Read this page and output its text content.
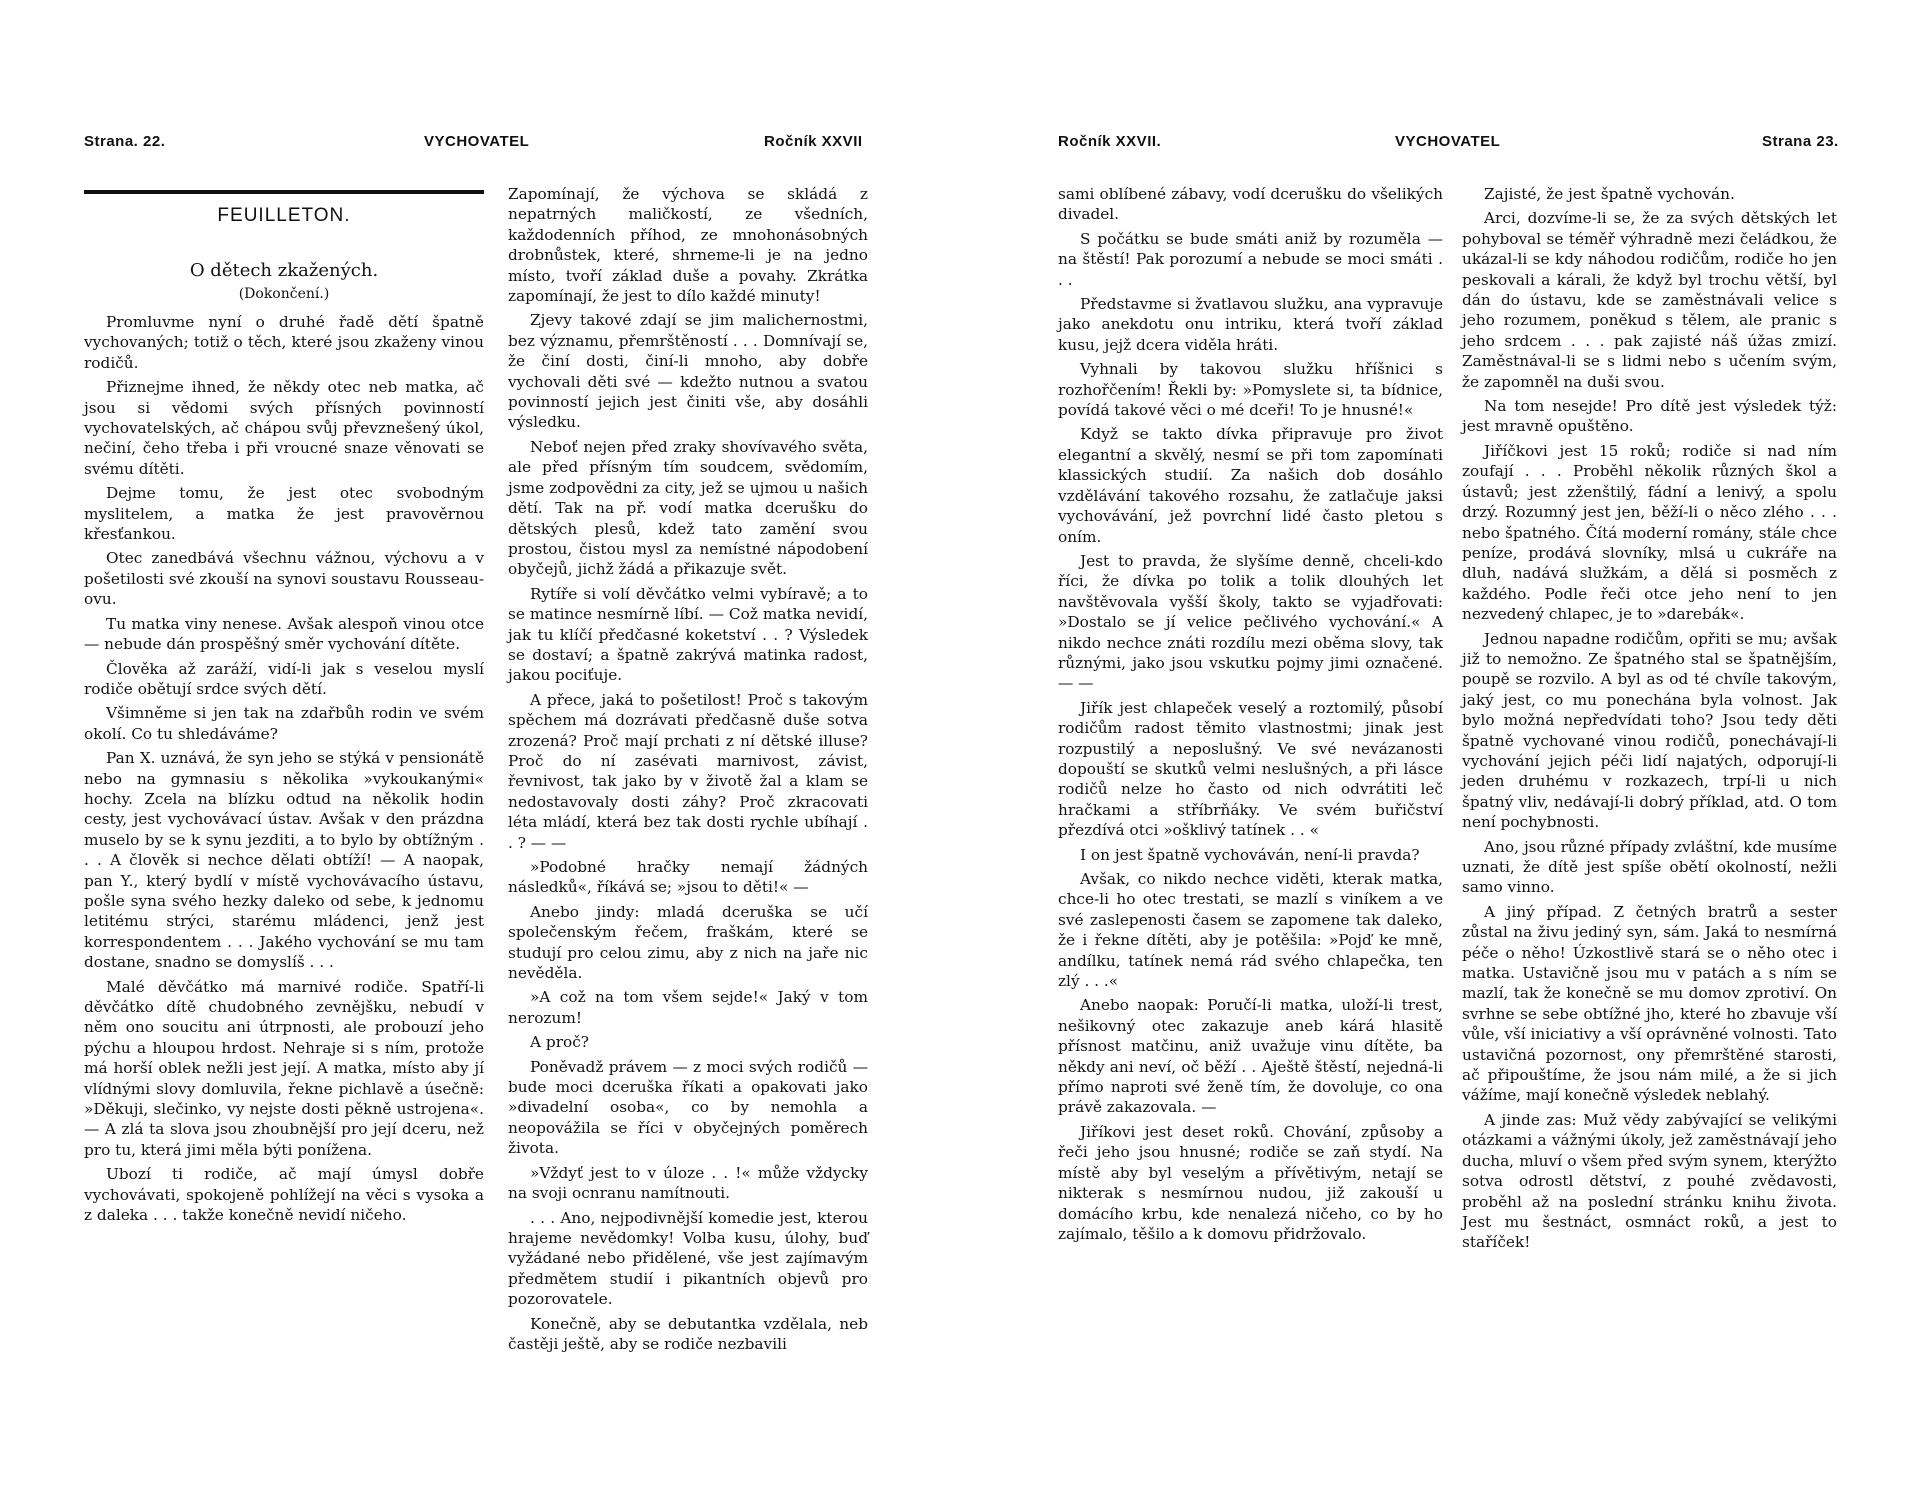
Strana. 22.	VYCHOVATEL	Ročník XXVII
FEUILLETON.
O dětech zkažených.
(Dokončení.)

Promluvme nyní o druhé řadě dětí špatně vychovaných; totiž o těch, které jsou zkaženy vinou rodičů.

Přiznejme ihned, že někdy otec neb matka, ač jsou si vědomi svých přísných povinností vychovatelských, ač chápou svůj převznešený úkol, nečiní, čeho třeba i při vroucné snaze věnovati se svému dítěti.

Dejme tomu, že jest otec svobodným myslitelem, a matka že jest pravověrnou křesťankou.

Otec zanedbává všechnu vážnou, výchovu a v pošetilosti své zkouší na synovi soustavu Rousseau-ovu.

Tu matka viny nenese. Avšak alespoň vinou otce — nebude dán prospěšný směr vychování dítěte.

Člověka až zaráží, vidí-li jak s veselou myslí rodiče obětují srdce svých dětí.

Všimněme si jen tak na zdařbůh rodin ve svém okolí. Co tu shledáváme?

Pan X. uznává, že syn jeho se stýká v pensionátě nebo na gymnasiu s několika »vykoukanými« hochy. Zcela na blízku odtud na několik hodin cesty, jest vychovávací ústav. Avšak v den prázdna muselo by se k synu jezditi, a to bylo by obtížným . . . A člověk si nechce dělati obtíží! — A naopak, pan Y., který bydlí v místě vychovávacího ústavu, pošle syna svého hezky daleko od sebe, k jednomu letitému strýci, starému mládenci, jenž jest korrespondentem . . . Jakého vychování se mu tam dostane, snadno se domyslíš . . .

Malé děvčátko má marnivé rodiče. Spatří-li děvčátko dítě chudobného zevnějšku, nebudí v něm ono soucitu ani útrpnosti, ale probouzí jeho pýchu a hloupou hrdost. Nehraje si s ním, protože má horší oblek nežli jest její. A matka, místo aby jí vlídnými slovy domluvila, řekne pichlavě a úsečně: »Děkuji, slečinko, vy nejste dosti pěkně ustrojena«. — A zlá ta slova jsou zhoubnější pro její dceru, než pro tu, která jimi měla býti ponížena.

Ubozí ti rodiče, ač mají úmysl dobře vychovávati, spokojeně pohlížejí na věci s vysoka a z daleka . . . takže konečně nevidí ničeho.

Zapomínají, že výchova se skládá z nepatrných maličkostí, ze všedních, každodenních příhod, ze mnohonásobných drobnůstek, které, shrneme-li je na jedno místo, tvoří základ duše a povahy. Zkrátka zapomínají, že jest to dílo každé minuty!

Zjevy takové zdají se jim malichernostmi, bez významu, přemrštěností . . . Domnívají se, že činí dosti, činí-li mnoho, aby dobře vychovali děti své — kdežto nutnou a svatou povinností jejich jest činiti vše, aby dosáhli výsledku.

Neboť nejen před zraky shovívavého světa, ale před přísným tím soudcem, svědomím, jsme zodpovědni za city, jež se ujmou u našich dětí. Tak na př. vodí matka dcerušku do dětských plesů, kdež tato zamění svou prostou, čistou mysl za nemístné nápodobení obyčejů, jichž žádá a přikazuje svět.

Rytíře si volí děvčátko velmi vybíravě; a to se matince nesmírně líbí. — Což matka nevidí, jak tu klíčí předčasné koketství . . ? Výsledek se dostaví; a špatně zakrývá matinka radost, jakou pociťuje.

A přece, jaká to pošetilost! Proč s takovým spěchem má dozrávati předčasně duše sotva zrozená? Proč mají prchati z ní dětské illuse? Proč do ní zasévati marnivost, závist, řevnivost, tak jako by v životě žal a klam se nedostavovaly dosti záhy? Proč zkracovati léta mládí, která bez tak dosti rychle ubíhají . . ? — —

»Podobné hračky nemají žádných následků«, říkává se; »jsou to děti!« —

Anebo jindy: mladá dceruška se učí společenským řečem, fraškám, které se studují pro celou zimu, aby z nich na jaře nic nevěděla.

»A což na tom všem sejde!« Jaký v tom nerozum!

A proč?

Poněvadž právem — z moci svých rodičů — bude moci dceruška říkati a opakovati jako »divadelní osoba«, co by nemohla a neopovážila se říci v obyčejných poměrech života.

»Vždyť jest to v úloze . . !« může vždycky na svoji ocnranu namítnouti.

. . . Ano, nejpodivnější komedie jest, kterou hrajeme nevědomky! Volba kusu, úlohy, buď vyžádané nebo přidělené, vše jest zajímavým předmětem studií i pikantních objevů pro pozorovatele.

Konečně, aby se debutantka vzdělala, neb častěji ještě, aby se rodiče nezbavili

Ročník XXVII.	VYCHOVATEL	Strana 23.

sami oblíbené zábavy, vodí dcerušku do všelikých divadel.

S počátku se bude smáti aniž by rozuměla — na štěstí! Pak porozumí a nebude se moci smáti . . .

Představme si žvatlavou služku, ana vypravuje jako anekdotu onu intriku, která tvoří základ kusu, jejž dcera viděla hráti.

Vyhnali by takovou služku hříšnici s rozhořčením! Řekli by: »Pomyslete si, ta bídnice, povídá takové věci o mé dceři! To je hnusné!«

Když se takto dívka připravuje pro život elegantní a skvělý, nesmí se při tom zapomínati klassických studií. Za našich dob dosáhlo vzdělávání takového rozsahu, že zatlačuje jaksi vychovávání, jež povrchní lidé často pletou s oním.

Jest to pravda, že slyšíme denně, chceli-kdo říci, že dívka po tolik a tolik dlouhých let navštěvovala vyšší školy, takto se vyjadřovati: »Dostalo se jí velice pečlivého vychování.« A nikdo nechce znáti rozdílu mezi oběma slovy, tak různými, jako jsou vskutku pojmy jimi označené. — —

Jiřík jest chlapeček veselý a roztomilý, působí rodičům radost těmito vlastnostmi; jinak jest rozpustilý a neposlušný. Ve své nevázanosti dopouští se skutků velmi neslušných, a při lásce rodičů nelze ho často od nich odvrátiti leč hračkami a stříbrňáky. Ve svém buřičství přezdívá otci »ošklivý tatínek . . «

I on jest špatně vychováván, není-li pravda?

Avšak, co nikdo nechce viděti, kterak matka, chce-li ho otec trestati, se mazlí s viníkem a ve své zaslepenosti časem se zapomene tak daleko, že i řekne dítěti, aby je potěšila: »Pojď ke mně, andílku, tatínek nemá rád svého chlapečka, ten zlý . . .«

Anebo naopak: Poručí-li matka, uloží-li trest, nešikovný otec zakazuje aneb kárá hlasitě přísnost matčinu, aniž uvažuje vinu dítěte, ba někdy ani neví, oč běží . . Aještě štěstí, nejedná-li přímo naproti své ženě tím, že dovoluje, co ona právě zakazovala. —

Jiříkovi jest deset roků. Chování, způsoby a řeči jeho jsou hnusné; rodiče se zaň stydí. Na místě aby byl veselým a přívětivým, netají se nikterak s nesmírnou nudou, již zakouší u domácího krbu, kde nenalezá ničeho, co by ho zajímalo, těšilo a k domovu přidržovalo.

Zajisté, že jest špatně vychován.

Arci, dozvíme-li se, že za svých dětských let pohyboval se téměř výhradně mezi čeládkou, že ukázal-li se kdy náhodou rodičům, rodiče ho jen peskovali a kárali, že když byl trochu větší, byl dán do ústavu, kde se zaměstnávali velice s jeho rozumem, poněkud s tělem, ale pranic s jeho srdcem . . . pak zajisté náš úžas zmizí. Zaměstnával-li se s lidmi nebo s učením svým, že zapomněl na duši svou.

Na tom nesejde! Pro dítě jest výsledek týž: jest mravně opuštěno.

Jiříčkovi jest 15 roků; rodiče si nad ním zoufají . . . Proběhl několik různých škol a ústavů; jest zženštilý, fádní a lenivý, a spolu drzý. Rozumný jest jen, běží-li o něco zlého . . . nebo špatného. Čítá moderní romány, stále chce peníze, prodává slovníky, mlsá u cukráře na dluh, nadává služkám, a dělá si posměch z každého. Podle řeči otce jeho není to jen nezvedený chlapec, je to »darebák«.

Jednou napadne rodičům, opřiti se mu; avšak již to nemožno. Ze špatného stal se špatnějším, poupě se rozvilo. A byl as od té chvíle takovým, jaký jest, co mu ponechána byla volnost. Jak bylo možná nepředvídati toho? Jsou tedy děti špatně vychované vinou rodičů, ponechávají-li vychování jejich péči lidí najatých, odporují-li jeden druhému v rozkazech, trpí-li u nich špatný vliv, nedávají-li dobrý příklad, atd. O tom není pochybnosti.

Ano, jsou různé případy zvláštní, kde musíme uznati, že dítě jest spíše obětí okolností, nežli samo vinno.

A jiný případ. Z četných bratrů a sester zůstal na živu jediný syn, sám. Jaká to nesmírná péče o něho! Úzkostlivě stará se o něho otec i matka. Ustavičně jsou mu v patách a s ním se mazlí, tak že konečně se mu domov zprotiví. On svrhne se sebe obtížné jho, které ho zbavuje vší vůle, vší iniciativy a vší oprávněné volnosti. Tato ustavičná pozornost, ony přemrštěné starosti, ač připouštíme, že jsou nám milé, a že si jich vážíme, mají konečně výsledek neblahý.

A jinde zas: Muž vědy zabývající se velikými otázkami a vážnými úkoly, jež zaměstnávají jeho ducha, mluví o všem před svým synem, kterýžto sotva odrostl dětství, z pouhé zvědavosti, proběhl až na poslední stránku knihu života. Jest mu šestnáct, osmnáct roků, a jest to staříček!
